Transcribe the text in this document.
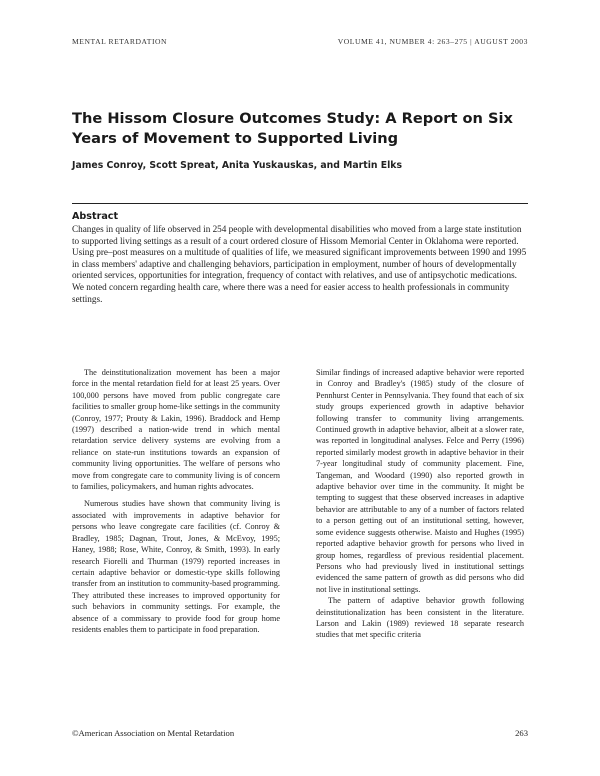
MENTAL RETARDATION	VOLUME 41, NUMBER 4: 263–275 | AUGUST 2003
The Hissom Closure Outcomes Study: A Report on Six Years of Movement to Supported Living
James Conroy, Scott Spreat, Anita Yuskauskas, and Martin Elks
Abstract

Changes in quality of life observed in 254 people with developmental disabilities who moved from a large state institution to supported living settings as a result of a court ordered closure of Hissom Memorial Center in Oklahoma were reported. Using pre–post measures on a multitude of qualities of life, we measured significant improvements between 1990 and 1995 in class members' adaptive and challenging behaviors, participation in employment, number of hours of developmentally oriented services, opportunities for integration, frequency of contact with relatives, and use of antipsychotic medications. We noted concern regarding health care, where there was a need for easier access to health professionals in community settings.

The deinstitutionalization movement has been a major force in the mental retardation field for at least 25 years. Over 100,000 persons have moved from public congregate care facilities to smaller group home-like settings in the community (Conroy, 1977; Prouty & Lakin, 1996). Braddock and Hemp (1997) described a nation-wide trend in which mental retardation service delivery systems are evolving from a reliance on state-run institutions towards an expansion of community living opportunities. The welfare of persons who move from congregate care to community living is of concern to families, policymakers, and human rights advocates.

Numerous studies have shown that community living is associated with improvements in adaptive behavior for persons who leave congregate care facilities (cf. Conroy & Bradley, 1985; Dagnan, Trout, Jones, & McEvoy, 1995; Haney, 1988; Rose, White, Conroy, & Smith, 1993). In early research Fiorelli and Thurman (1979) reported increases in certain adaptive behavior or domestic-type skills following transfer from an institution to community-based programming. They attributed these increases to improved opportunity for such behaviors in community settings. For example, the absence of a commissary to provide food for group home residents enables them to participate in food preparation.

Similar findings of increased adaptive behavior were reported in Conroy and Bradley's (1985) study of the closure of Pennhurst Center in Pennsylvania. They found that each of six study groups experienced growth in adaptive behavior following transfer to community living arrangements. Continued growth in adaptive behavior, albeit at a slower rate, was reported in longitudinal analyses. Felce and Perry (1996) reported similarly modest growth in adaptive behavior in their 7-year longitudinal study of community placement. Fine, Tangeman, and Woodard (1990) also reported growth in adaptive behavior over time in the community. It might be tempting to suggest that these observed increases in adaptive behavior are attributable to any of a number of factors related to a person getting out of an institutional setting, however, some evidence suggests otherwise. Maisto and Hughes (1995) reported adaptive behavior growth for persons who lived in group homes, regardless of previous residential placement. Persons who had previously lived in institutional settings evidenced the same pattern of growth as did persons who did not live in institutional settings.

The pattern of adaptive behavior growth following deinstitutionalization has been consistent in the literature. Larson and Lakin (1989) reviewed 18 separate research studies that met specific criteria

©American Association on Mental Retardation	263
